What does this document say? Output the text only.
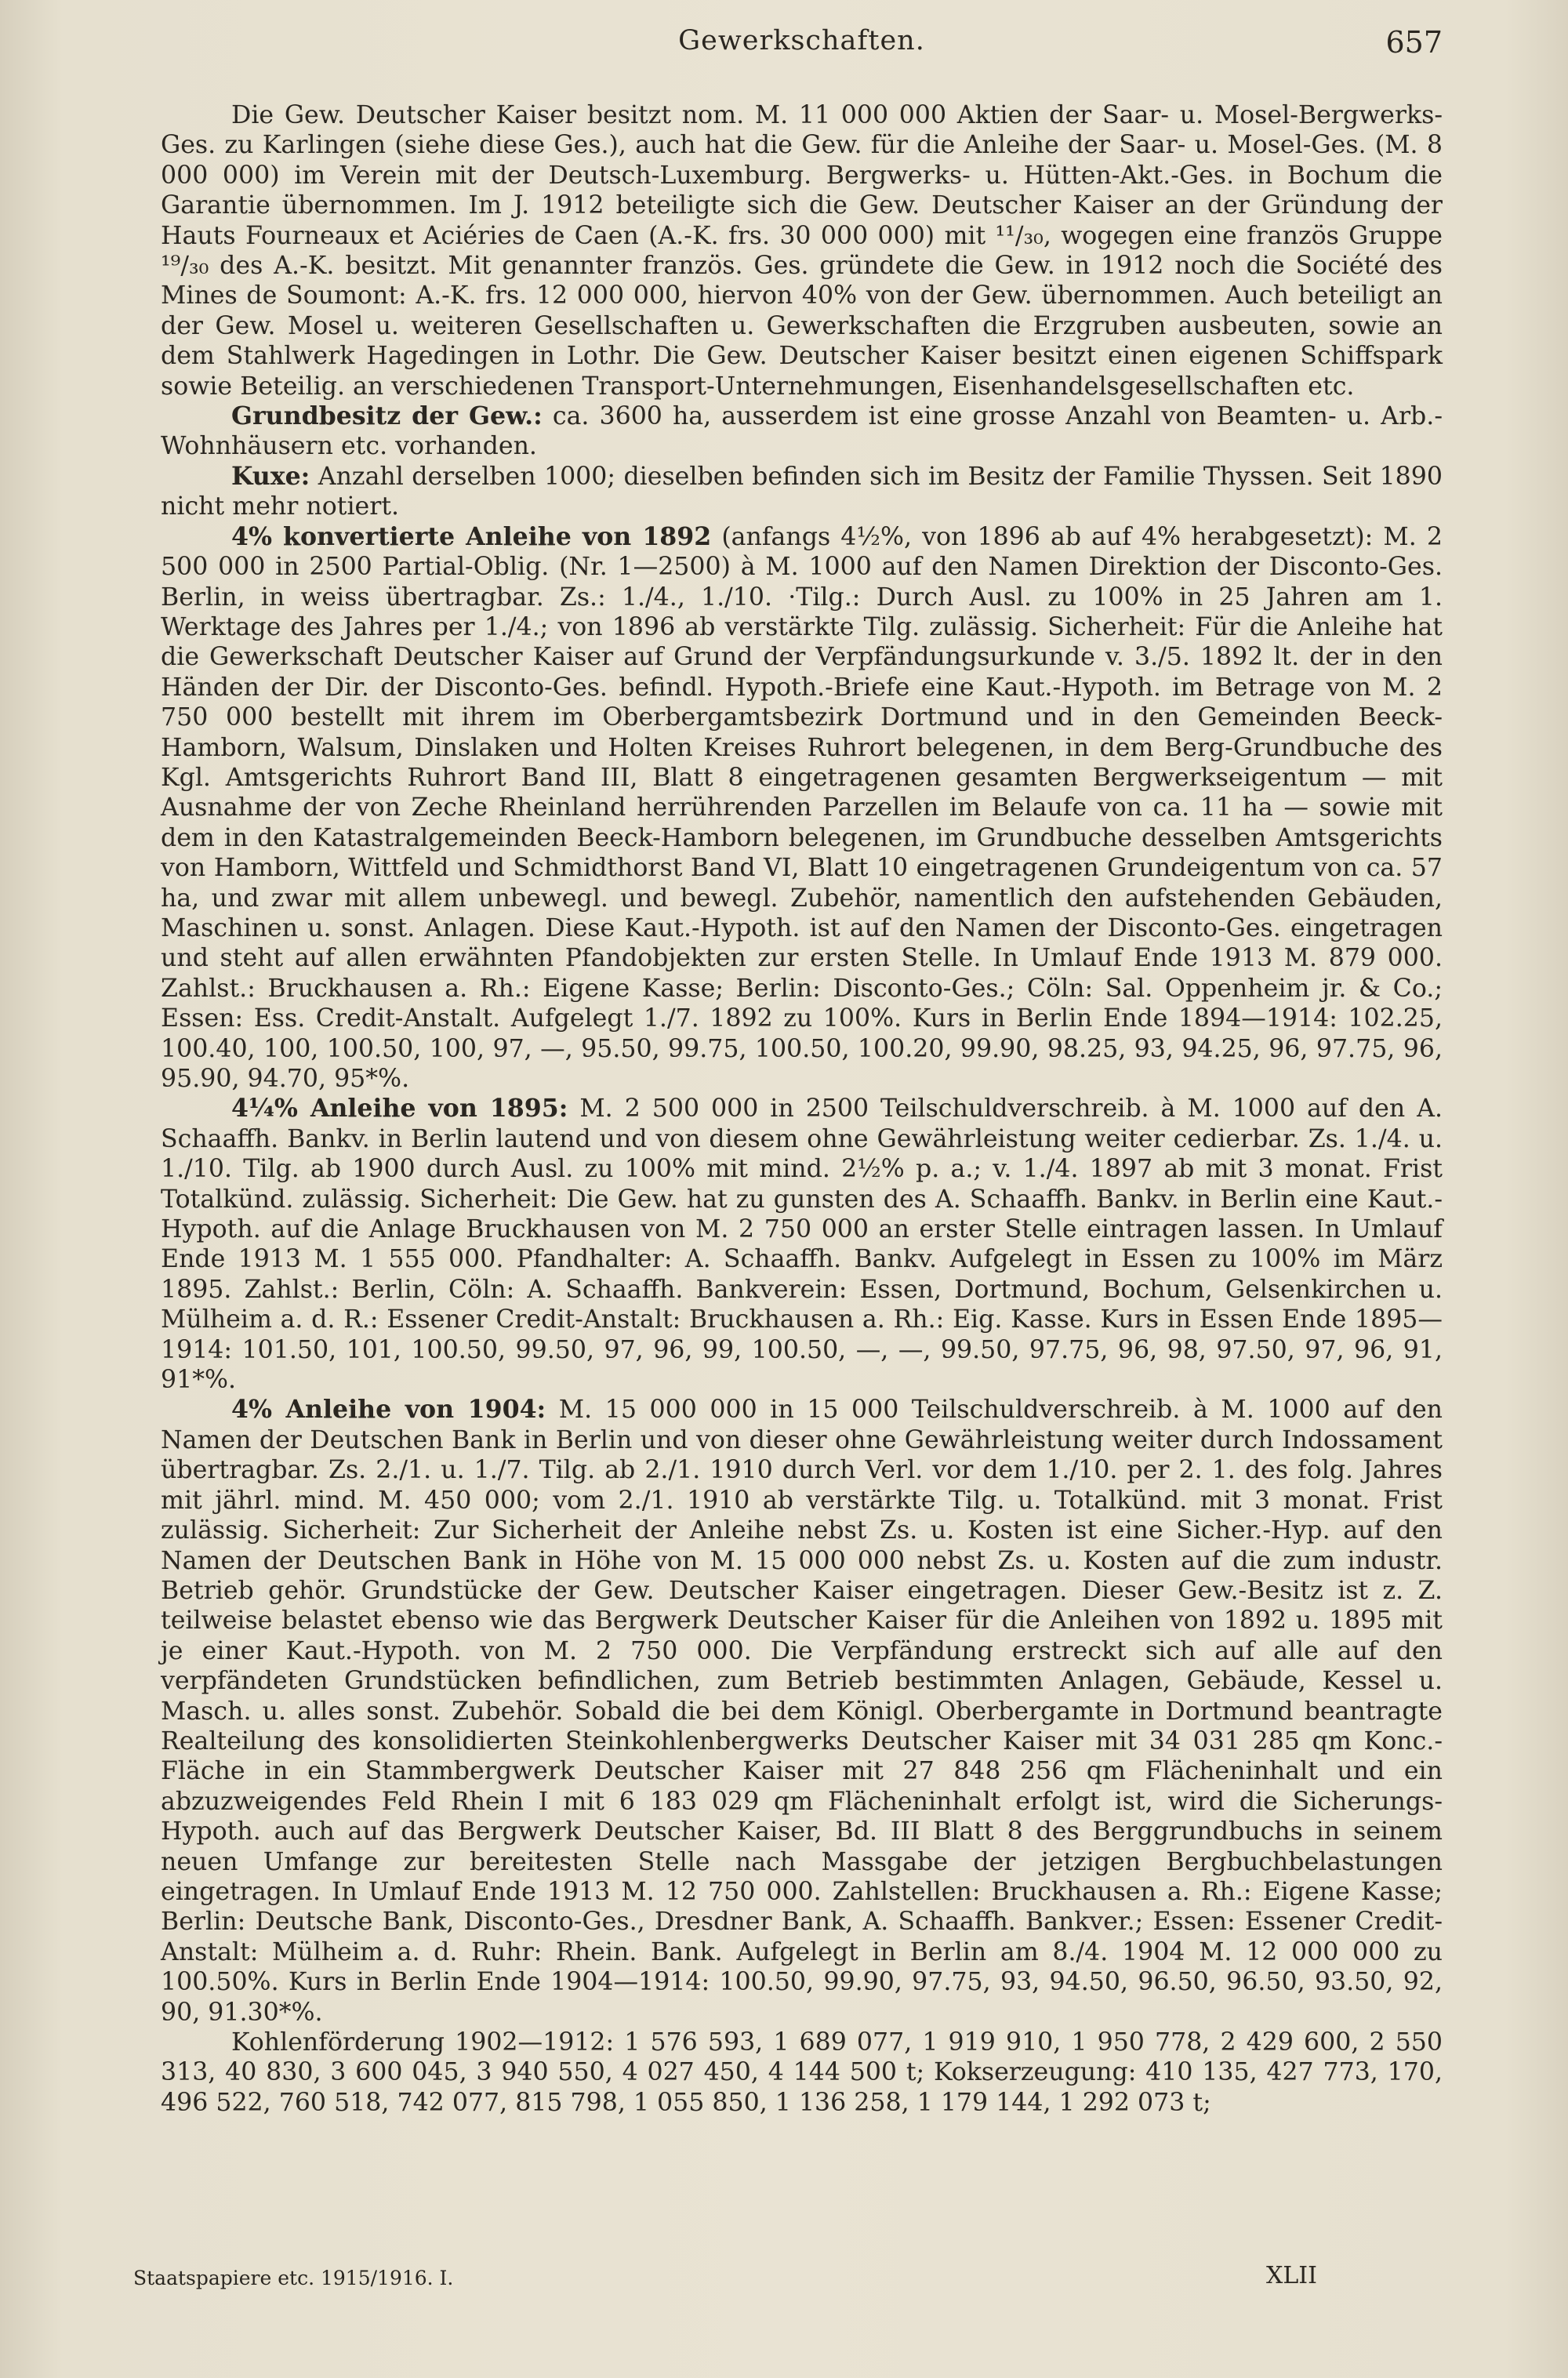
Gewerkschaften.	657

Die Gew. Deutscher Kaiser besitzt nom. M. 11 000 000 Aktien der Saar- u. Mosel-Bergwerks-Ges. zu Karlingen (siehe diese Ges.), auch hat die Gew. für die Anleihe der Saar- u. Mosel-Ges. (M. 8 000 000) im Verein mit der Deutsch-Luxemburg. Bergwerks- u. Hütten-Akt.-Ges. in Bochum die Garantie übernommen. Im J. 1912 beteiligte sich die Gew. Deutscher Kaiser an der Gründung der Hauts Fourneaux et Aciéries de Caen (A.-K. frs. 30 000 000) mit ¹¹/₃₀, wogegen eine französ Gruppe ¹⁹/₃₀ des A.-K. besitzt. Mit genannter französ. Ges. gründete die Gew. in 1912 noch die Société des Mines de Soumont: A.-K. frs. 12 000 000, hiervon 40% von der Gew. übernommen. Auch beteiligt an der Gew. Mosel u. weiteren Gesellschaften u. Gewerkschaften die Erzgruben ausbeuten, sowie an dem Stahlwerk Hagedingen in Lothr. Die Gew. Deutscher Kaiser besitzt einen eigenen Schiffspark sowie Beteilig. an verschiedenen Transport-Unternehmungen, Eisenhandelsgesellschaften etc.

Grundbesitz der Gew.: ca. 3600 ha, ausserdem ist eine grosse Anzahl von Beamten- u. Arb.-Wohnhäusern etc. vorhanden.

Kuxe: Anzahl derselben 1000; dieselben befinden sich im Besitz der Familie Thyssen. Seit 1890 nicht mehr notiert.

4% konvertierte Anleihe von 1892 (anfangs 4½%, von 1896 ab auf 4% herabgesetzt): M. 2 500 000 in 2500 Partial-Oblig. (Nr. 1—2500) à M. 1000 auf den Namen Direktion der Disconto-Ges. Berlin, in weiss übertragbar. Zs.: 1./4., 1./10. ·Tilg.: Durch Ausl. zu 100% in 25 Jahren am 1. Werktage des Jahres per 1./4.; von 1896 ab verstärkte Tilg. zulässig. Sicherheit: Für die Anleihe hat die Gewerkschaft Deutscher Kaiser auf Grund der Verpfändungsurkunde v. 3./5. 1892 lt. der in den Händen der Dir. der Disconto-Ges. befindl. Hypoth.-Briefe eine Kaut.-Hypoth. im Betrage von M. 2 750 000 bestellt mit ihrem im Oberbergamtsbezirk Dortmund und in den Gemeinden Beeck-Hamborn, Walsum, Dinslaken und Holten Kreises Ruhrort belegenen, in dem Berg-Grundbuche des Kgl. Amtsgerichts Ruhrort Band III, Blatt 8 eingetragenen gesamten Bergwerkseigentum — mit Ausnahme der von Zeche Rheinland herrührenden Parzellen im Belaufe von ca. 11 ha — sowie mit dem in den Katastralgemeinden Beeck-Hamborn belegenen, im Grundbuche desselben Amtsgerichts von Hamborn, Wittfeld und Schmidthorst Band VI, Blatt 10 eingetragenen Grundeigentum von ca. 57 ha, und zwar mit allem unbewegl. und bewegl. Zubehör, namentlich den aufstehenden Gebäuden, Maschinen u. sonst. Anlagen. Diese Kaut.-Hypoth. ist auf den Namen der Disconto-Ges. eingetragen und steht auf allen erwähnten Pfandobjekten zur ersten Stelle. In Umlauf Ende 1913 M. 879 000. Zahlst.: Bruckhausen a. Rh.: Eigene Kasse; Berlin: Disconto-Ges.; Cöln: Sal. Oppenheim jr. & Co.; Essen: Ess. Credit-Anstalt. Aufgelegt 1./7. 1892 zu 100%. Kurs in Berlin Ende 1894—1914: 102.25, 100.40, 100, 100.50, 100, 97, —, 95.50, 99.75, 100.50, 100.20, 99.90, 98.25, 93, 94.25, 96, 97.75, 96, 95.90, 94.70, 95*%.

4¼% Anleihe von 1895: M. 2 500 000 in 2500 Teilschuldverschreib. à M. 1000 auf den A. Schaaffh. Bankv. in Berlin lautend und von diesem ohne Gewährleistung weiter cedierbar. Zs. 1./4. u. 1./10. Tilg. ab 1900 durch Ausl. zu 100% mit mind. 2½% p. a.; v. 1./4. 1897 ab mit 3 monat. Frist Totalkünd. zulässig. Sicherheit: Die Gew. hat zu gunsten des A. Schaaffh. Bankv. in Berlin eine Kaut.-Hypoth. auf die Anlage Bruckhausen von M. 2 750 000 an erster Stelle eintragen lassen. In Umlauf Ende 1913 M. 1 555 000. Pfandhalter: A. Schaaffh. Bankv. Aufgelegt in Essen zu 100% im März 1895. Zahlst.: Berlin, Cöln: A. Schaaffh. Bankverein: Essen, Dortmund, Bochum, Gelsenkirchen u. Mülheim a. d. R.: Essener Credit-Anstalt: Bruckhausen a. Rh.: Eig. Kasse. Kurs in Essen Ende 1895—1914: 101.50, 101, 100.50, 99.50, 97, 96, 99, 100.50, —, —, 99.50, 97.75, 96, 98, 97.50, 97, 96, 91, 91*%.

4% Anleihe von 1904: M. 15 000 000 in 15 000 Teilschuldverschreib. à M. 1000 auf den Namen der Deutschen Bank in Berlin und von dieser ohne Gewährleistung weiter durch Indossament übertragbar. Zs. 2./1. u. 1./7. Tilg. ab 2./1. 1910 durch Verl. vor dem 1./10. per 2. 1. des folg. Jahres mit jährl. mind. M. 450 000; vom 2./1. 1910 ab verstärkte Tilg. u. Totalkünd. mit 3 monat. Frist zulässig. Sicherheit: Zur Sicherheit der Anleihe nebst Zs. u. Kosten ist eine Sicher.-Hyp. auf den Namen der Deutschen Bank in Höhe von M. 15 000 000 nebst Zs. u. Kosten auf die zum industr. Betrieb gehör. Grundstücke der Gew. Deutscher Kaiser eingetragen. Dieser Gew.-Besitz ist z. Z. teilweise belastet ebenso wie das Bergwerk Deutscher Kaiser für die Anleihen von 1892 u. 1895 mit je einer Kaut.-Hypoth. von M. 2 750 000. Die Verpfändung erstreckt sich auf alle auf den verpfändeten Grundstücken befindlichen, zum Betrieb bestimmten Anlagen, Gebäude, Kessel u. Masch. u. alles sonst. Zubehör. Sobald die bei dem Königl. Oberbergamte in Dortmund beantragte Realteilung des konsolidierten Steinkohlenbergwerks Deutscher Kaiser mit 34 031 285 qm Konc.-Fläche in ein Stammbergwerk Deutscher Kaiser mit 27 848 256 qm Flächeninhalt und ein abzuzweigendes Feld Rhein I mit 6 183 029 qm Flächeninhalt erfolgt ist, wird die Sicherungs-Hypoth. auch auf das Bergwerk Deutscher Kaiser, Bd. III Blatt 8 des Berggrundbuchs in seinem neuen Umfange zur bereitesten Stelle nach Massgabe der jetzigen Bergbuchbelastungen eingetragen. In Umlauf Ende 1913 M. 12 750 000. Zahlstellen: Bruckhausen a. Rh.: Eigene Kasse; Berlin: Deutsche Bank, Disconto-Ges., Dresdner Bank, A. Schaaffh. Bankver.; Essen: Essener Credit-Anstalt: Mülheim a. d. Ruhr: Rhein. Bank. Aufgelegt in Berlin am 8./4. 1904 M. 12 000 000 zu 100.50%. Kurs in Berlin Ende 1904—1914: 100.50, 99.90, 97.75, 93, 94.50, 96.50, 96.50, 93.50, 92, 90, 91.30*%.

Kohlenförderung 1902—1912: 1 576 593, 1 689 077, 1 919 910, 1 950 778, 2 429 600, 2 550 313, 40 830, 3 600 045, 3 940 550, 4 027 450, 4 144 500 t; Kokserzeugung: 410 135, 427 773, 170, 496 522, 760 518, 742 077, 815 798, 1 055 850, 1 136 258, 1 179 144, 1 292 073 t;

Staatspapiere etc. 1915/1916. I.	XLII
